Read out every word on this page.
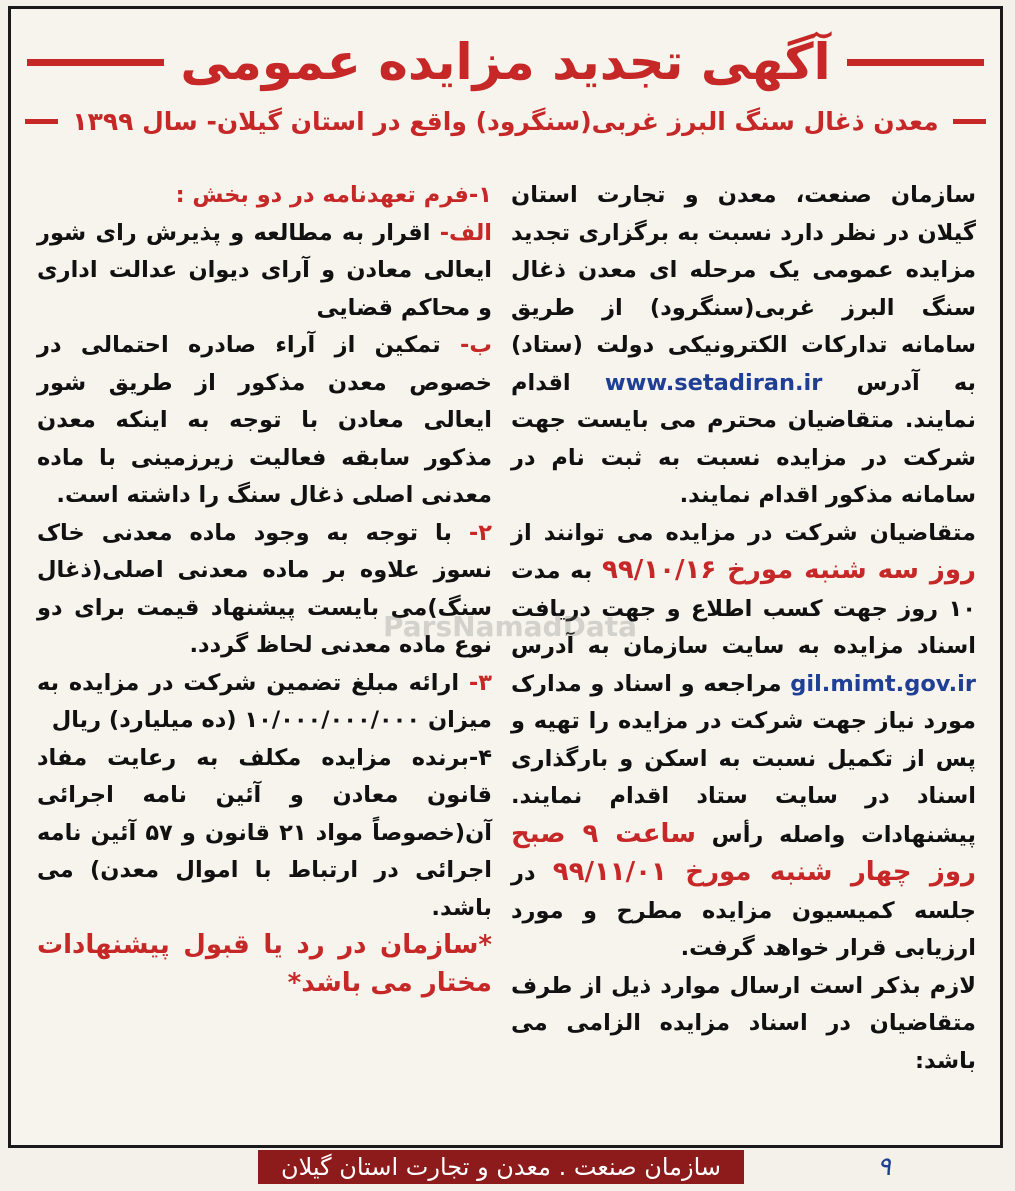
آگهی تجدید مزایده عمومی
معدن ذغال سنگ البرز غربی(سنگرود) واقع در استان گیلان- سال ۱۳۹۹

سازمان صنعت، معدن و تجارت استان گیلان در نظر دارد نسبت به برگزاری تجدید مزایده عمومی یک مرحله ای معدن ذغال سنگ البرز غربی(سنگرود) از طریق سامانه تدارکات الکترونیکی دولت (ستاد) به آدرس www.setadiran.ir اقدام نمایند. متقاضیان محترم می بایست جهت شرکت در مزایده نسبت به ثبت نام در سامانه مذکور اقدام نمایند.

متقاضیان شرکت در مزایده می توانند از روز سه شنبه مورخ ۹۹/۱۰/۱۶ به مدت ۱۰ روز جهت کسب اطلاع و جهت دریافت اسناد مزایده به سایت سازمان به آدرس gil.mimt.gov.ir مراجعه و اسناد و مدارک مورد نیاز جهت شرکت در مزایده را تهیه و پس از تکمیل نسبت به اسکن و بارگذاری اسناد در سایت ستاد اقدام نمایند. پیشنهادات واصله رأس ساعت ۹ صبح روز چهار شنبه مورخ ۹۹/۱۱/۰۱ در جلسه کمیسیون مزایده مطرح و مورد ارزیابی قرار خواهد گرفت.

لازم بذکر است ارسال موارد ذیل از طرف متقاضیان در اسناد مزایده الزامی می باشد:

۱-فرم تعهدنامه در دو بخش :

الف- اقرار به مطالعه و پذیرش رای شور ایعالی معادن و آرای دیوان عدالت اداری و محاکم قضایی

ب- تمکین از آراء صادره احتمالی در خصوص معدن مذکور از طریق شور ایعالی معادن با توجه به اینکه معدن مذکور سابقه فعالیت زیرزمینی با ماده معدنی اصلی ذغال سنگ را داشته است.

۲- با توجه به وجود ماده معدنی خاک نسوز علاوه بر ماده معدنی اصلی(ذغال سنگ)می بایست پیشنهاد قیمت برای دو نوع ماده معدنی لحاظ گردد.

۳- ارائه مبلغ تضمین شرکت در مزایده به میزان ۱۰/۰۰۰/۰۰۰/۰۰۰ (ده میلیارد) ریال

۴-برنده مزایده مکلف به رعایت مفاد قانون معادن و آئین نامه اجرائی آن(خصوصاً مواد ۲۱ قانون و ۵۷ آئین نامه اجرائی در ارتباط با اموال معدن) می باشد.

*سازمان در رد یا قبول پیشنهادات مختار می باشد*

ParsNamadData
سازمان صنعت . معدن و تجارت استان گیلان	۹
